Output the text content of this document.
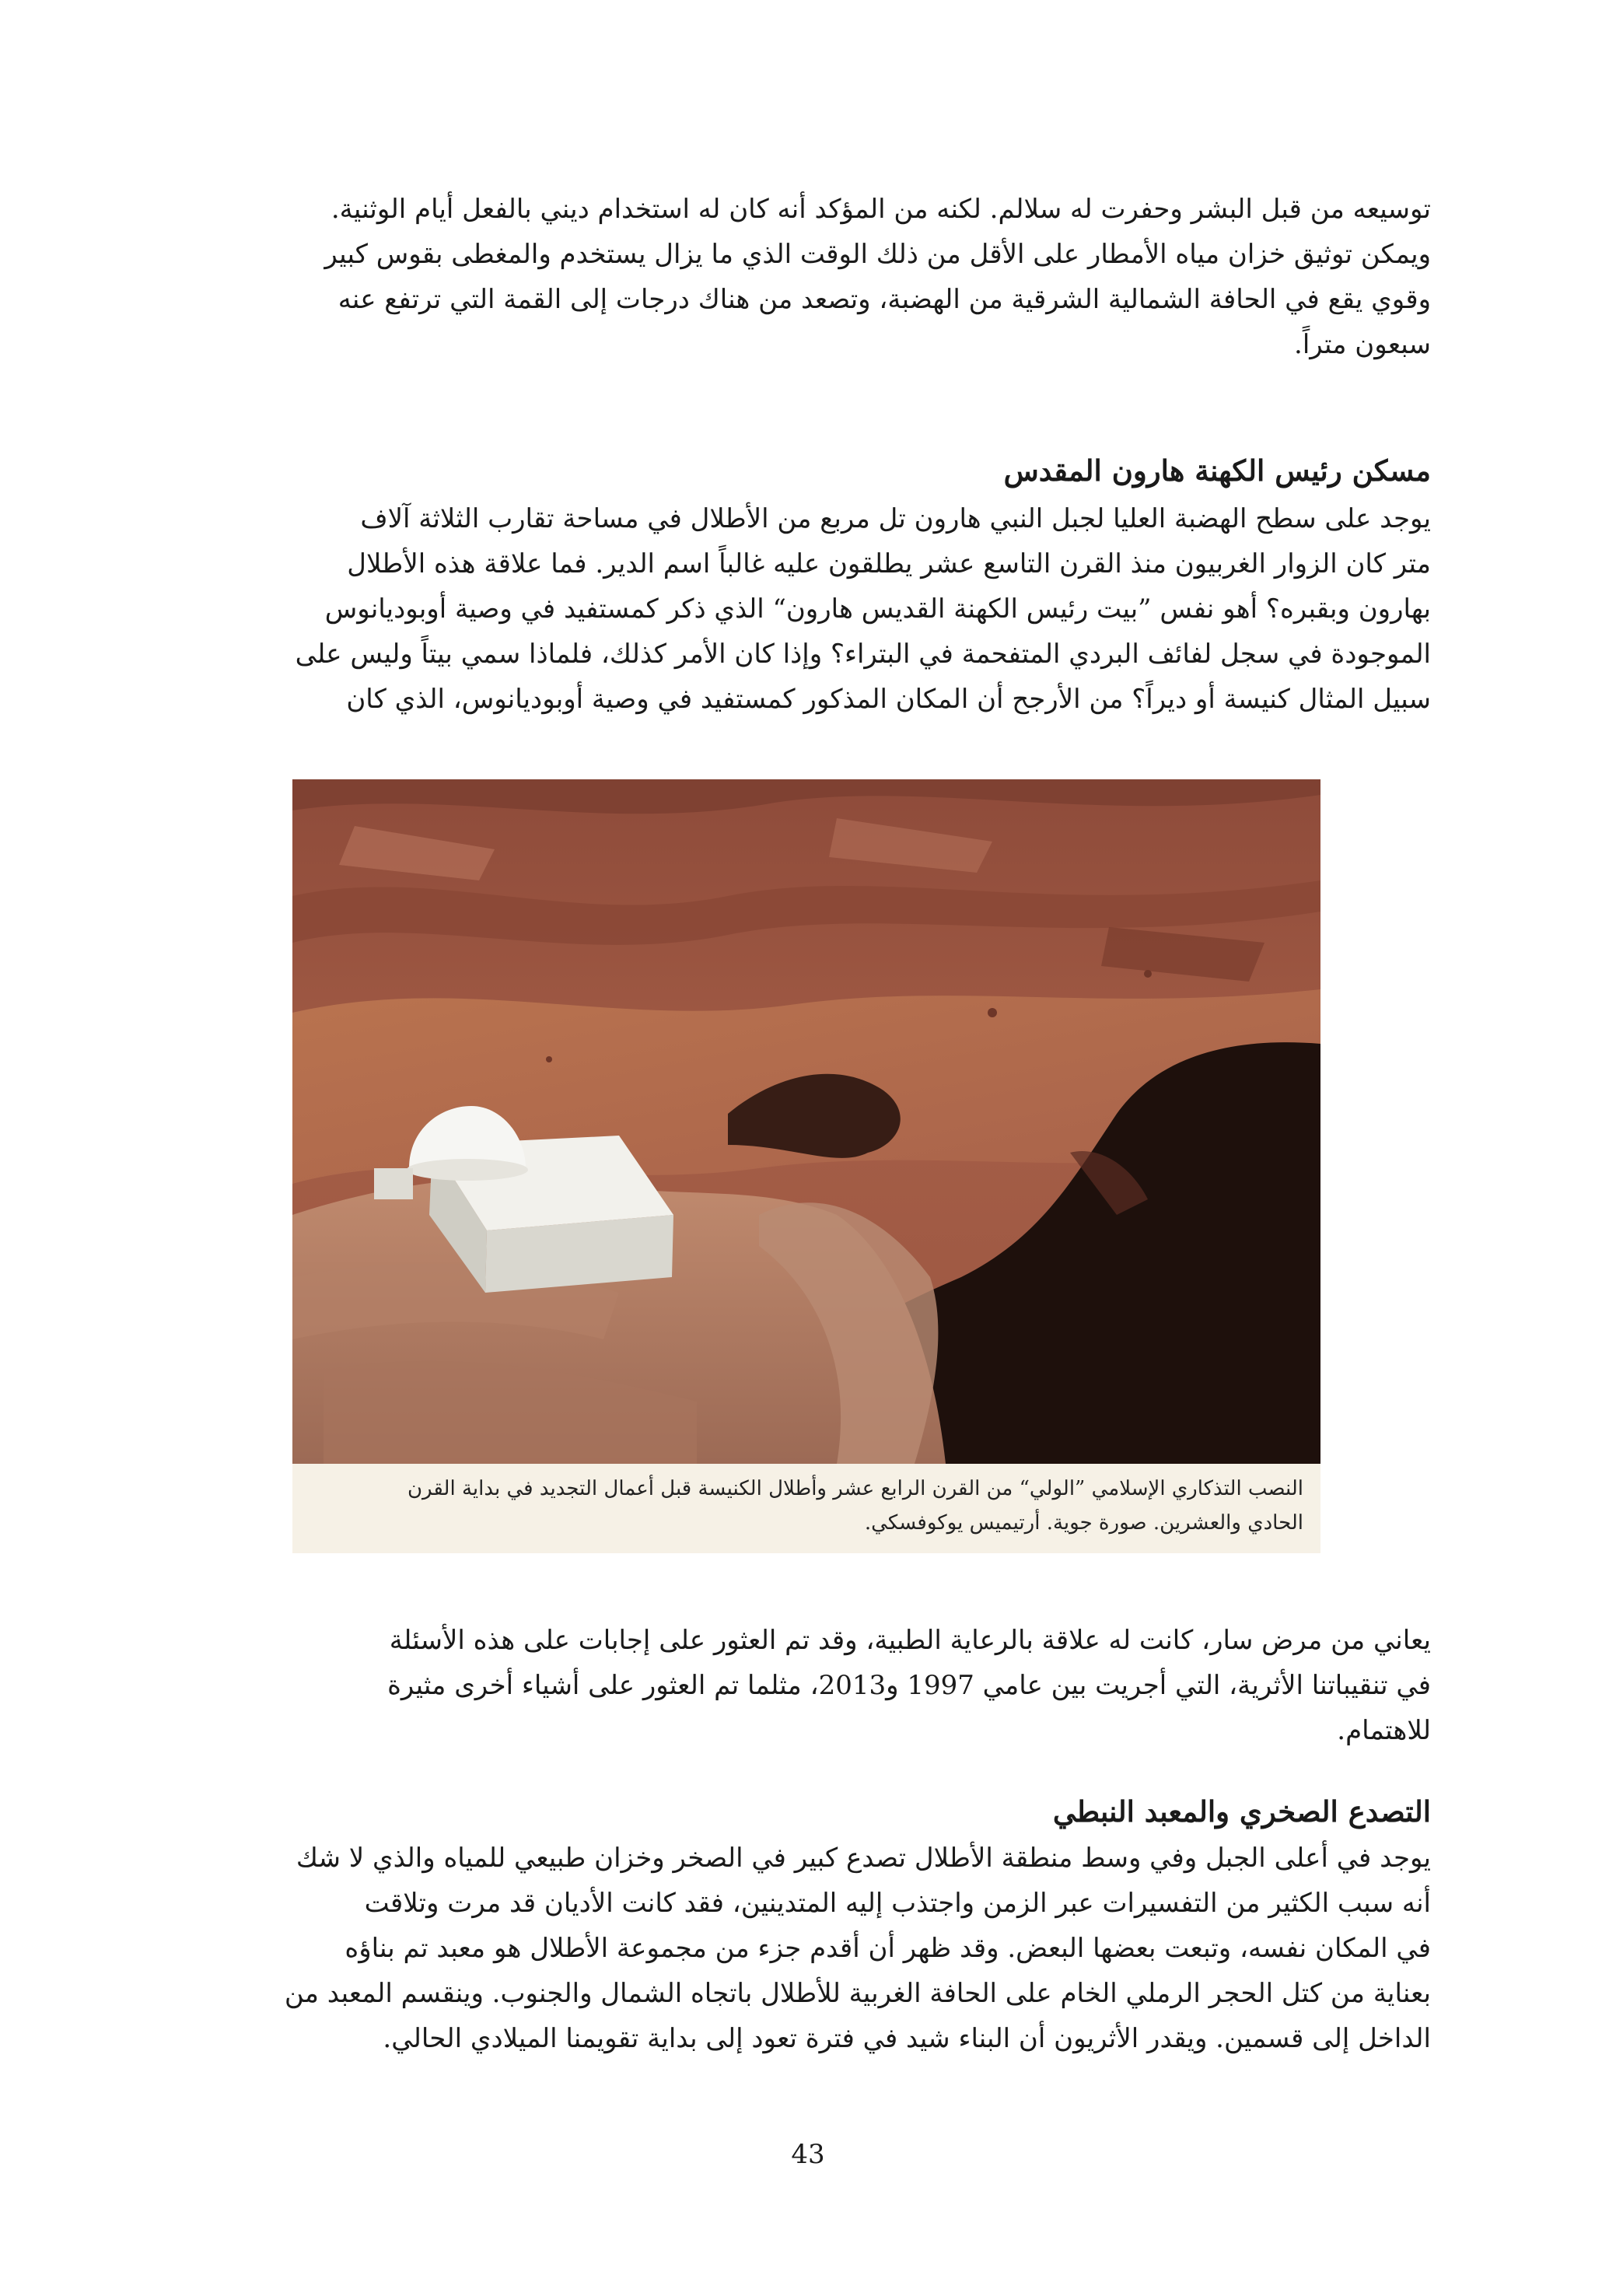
توسيعه من قبل البشر وحفرت له سلالم. لكنه من المؤكد أنه كان له استخدام ديني بالفعل أيام الوثنية.

ويمكن توثيق خزان مياه الأمطار على الأقل من ذلك الوقت الذي ما يزال يستخدم والمغطى بقوس كبير

وقوي يقع في الحافة الشمالية الشرقية من الهضبة، وتصعد من هناك درجات إلى القمة التي ترتفع عنه

سبعون متراً.

مسكن رئيس الكهنة هارون المقدس

يوجد على سطح الهضبة العليا لجبل النبي هارون تل مربع من الأطلال في مساحة تقارب الثلاثة آلاف

متر كان الزوار الغربيون منذ القرن التاسع عشر يطلقون عليه غالباً اسم الدير. فما علاقة هذه الأطلال

بهارون وبقبره؟ أهو نفس ”بيت رئيس الكهنة القديس هارون“ الذي ذكر كمستفيد في وصية أوبوديانوس

الموجودة في سجل لفائف البردي المتفحمة في البتراء؟ وإذا كان الأمر كذلك، فلماذا سمي بيتاً وليس على

سبيل المثال كنيسة أو ديراً؟ من الأرجح أن المكان المذكور كمستفيد في وصية أوبوديانوس، الذي كان

النصب التذكاري الإسلامي ”الولي“ من القرن الرابع عشر وأطلال الكنيسة قبل أعمال التجديد في بداية القرن

الحادي والعشرين. صورة جوية. أرتيميس يوكوفسكي.

يعاني من مرض سار، كانت له علاقة بالرعاية الطبية، وقد تم العثور على إجابات على هذه الأسئلة

في تنقيباتنا الأثرية، التي أجريت بين عامي 1997 و2013، مثلما تم العثور على أشياء أخرى مثيرة

للاهتمام.

التصدع الصخري والمعبد النبطي

يوجد في أعلى الجبل وفي وسط منطقة الأطلال تصدع كبير في الصخر وخزان طبيعي للمياه والذي لا شك

أنه سبب الكثير من التفسيرات عبر الزمن واجتذب إليه المتدينين، فقد كانت الأديان قد مرت وتلاقت

في المكان نفسه، وتبعت بعضها البعض. وقد ظهر أن أقدم جزء من مجموعة الأطلال هو معبد تم بناؤه

بعناية من كتل الحجر الرملي الخام على الحافة الغربية للأطلال باتجاه الشمال والجنوب. وينقسم المعبد من

الداخل إلى قسمين. ويقدر الأثريون أن البناء شيد في فترة تعود إلى بداية تقويمنا الميلادي الحالي.

43
